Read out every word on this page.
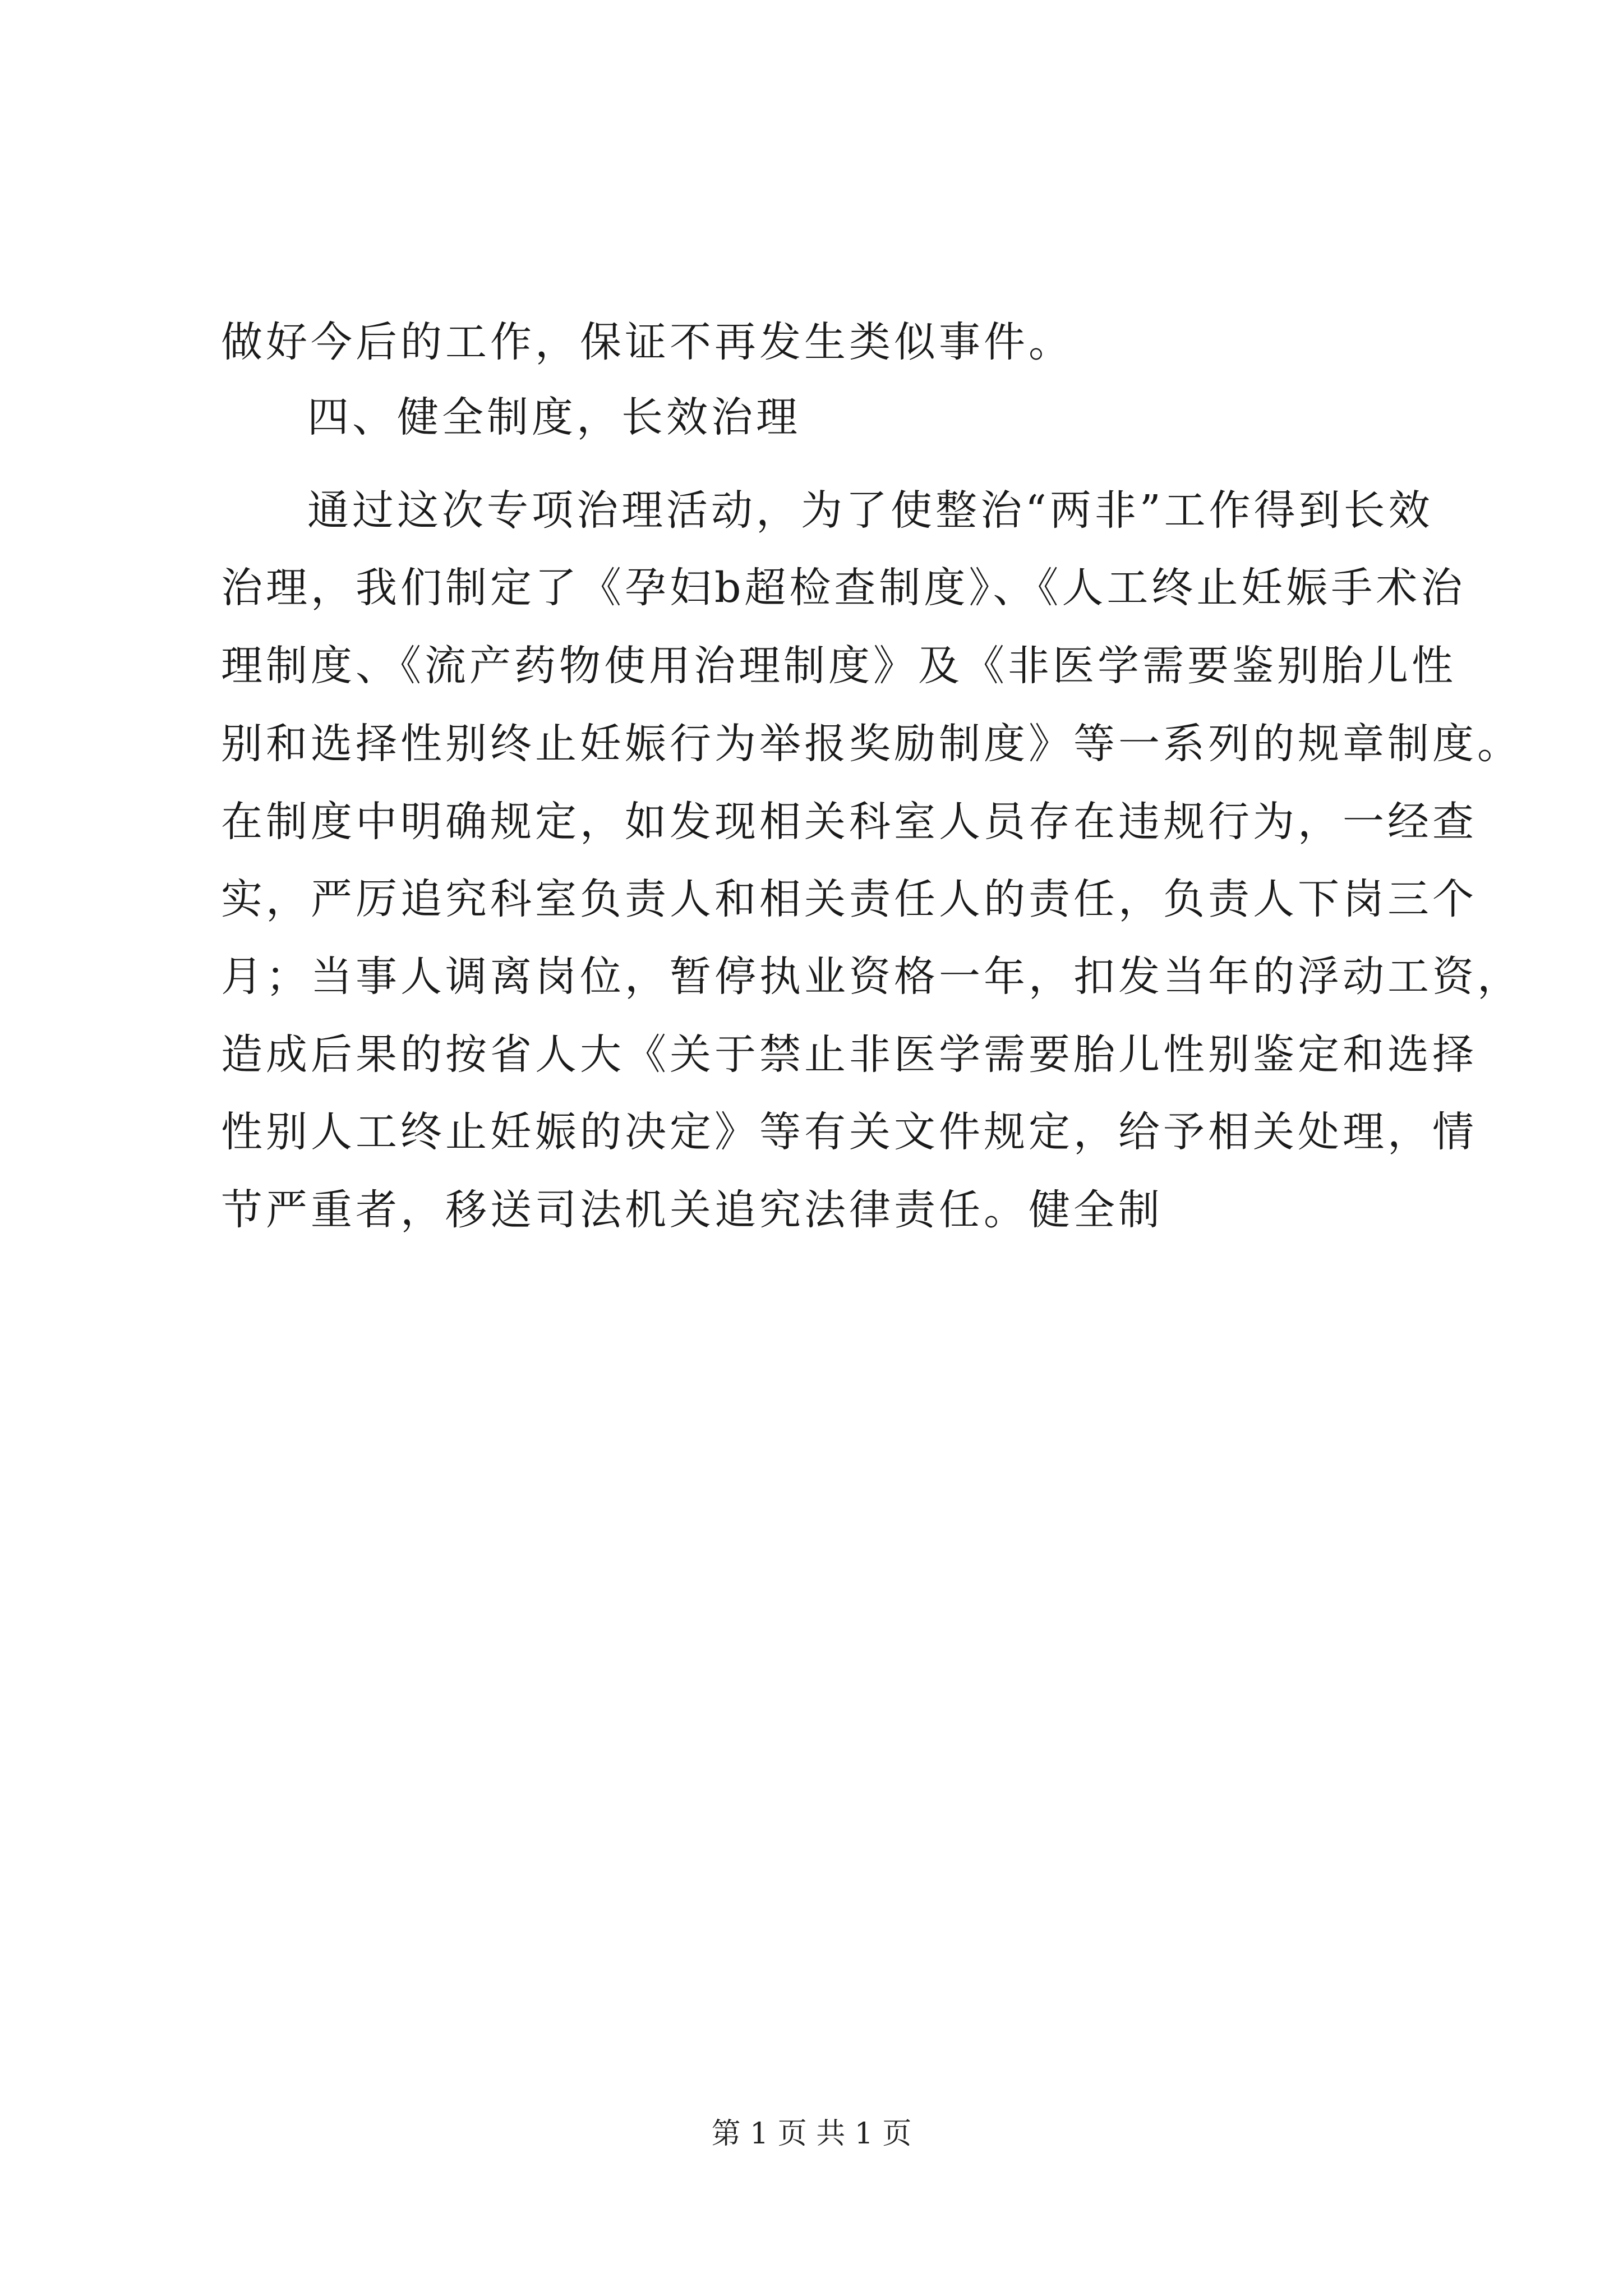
做好今后的工作，保证不再发生类似事件。
四、健全制度，长效治理
通过这次专项治理活动，为了使整治“两非”工作得到长效
治理，我们制定了《孕妇b超检查制度》、《人工终止妊娠手术治
理制度、《流产药物使用治理制度》及《非医学需要鉴别胎儿性
别和选择性别终止妊娠行为举报奖励制度》等一系列的规章制度。
在制度中明确规定，如发现相关科室人员存在违规行为，一经查
实，严厉追究科室负责人和相关责任人的责任，负责人下岗三个
月；当事人调离岗位，暂停执业资格一年，扣发当年的浮动工资，
造成后果的按省人大《关于禁止非医学需要胎儿性别鉴定和选择
性别人工终止妊娠的决定》等有关文件规定，给予相关处理，情
节严重者，移送司法机关追究法律责任。健全制
第 1 页 共 1 页
